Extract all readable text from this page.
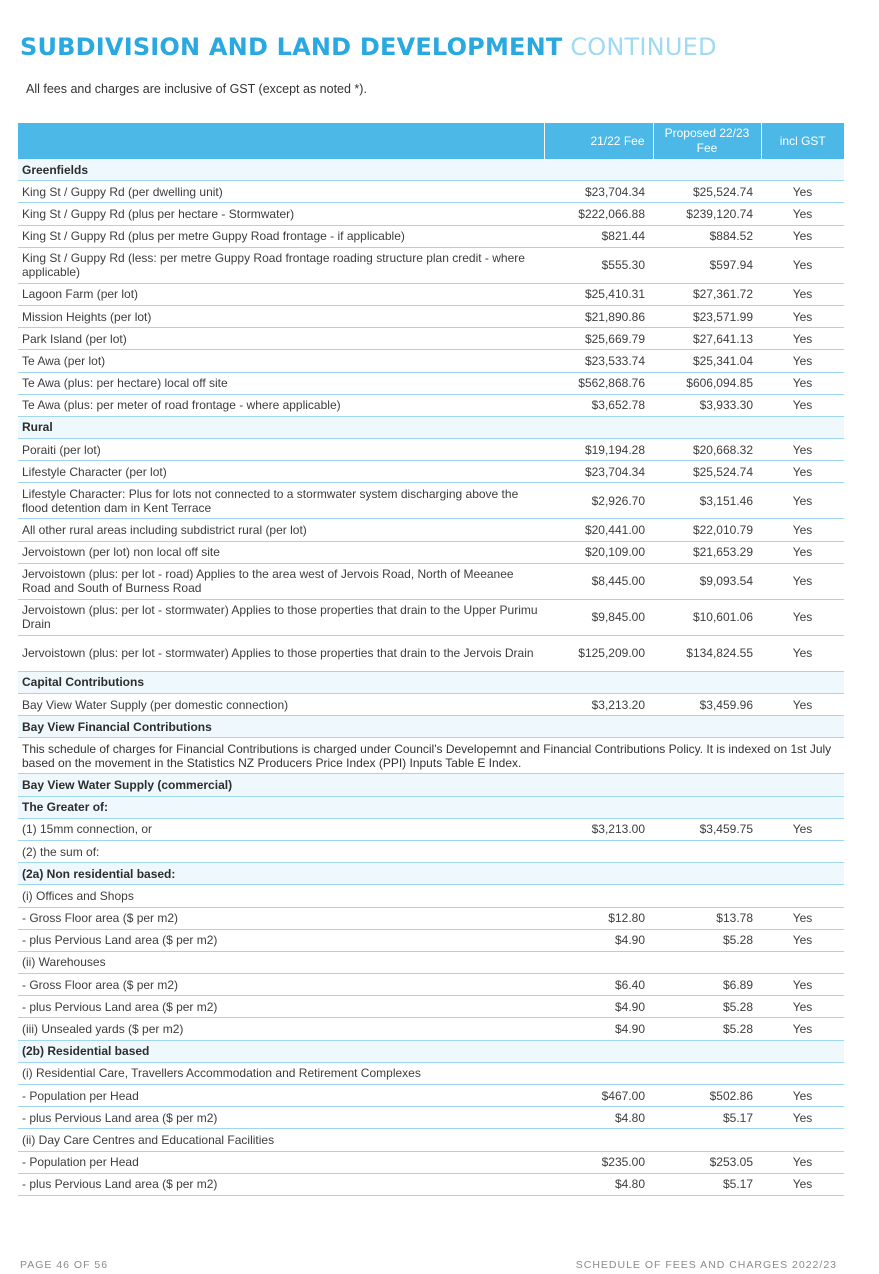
SUBDIVISION AND LAND DEVELOPMENT CONTINUED
All fees and charges are inclusive of GST (except as noted *).
	21/22 Fee	Proposed 22/23 Fee	incl GST
Greenfields			
King St / Guppy Rd (per dwelling unit)	$23,704.34	$25,524.74	Yes
King St / Guppy Rd (plus per hectare - Stormwater)	$222,066.88	$239,120.74	Yes
King St / Guppy Rd (plus per metre Guppy Road frontage - if applicable)	$821.44	$884.52	Yes
King St / Guppy Rd (less: per metre Guppy Road frontage roading structure plan credit - where applicable)	$555.30	$597.94	Yes
Lagoon Farm (per lot)	$25,410.31	$27,361.72	Yes
Mission Heights (per lot)	$21,890.86	$23,571.99	Yes
Park Island (per lot)	$25,669.79	$27,641.13	Yes
Te Awa (per lot)	$23,533.74	$25,341.04	Yes
Te Awa (plus: per hectare) local off site	$562,868.76	$606,094.85	Yes
Te Awa (plus: per meter of road frontage - where applicable)	$3,652.78	$3,933.30	Yes
Rural			
Poraiti (per lot)	$19,194.28	$20,668.32	Yes
Lifestyle Character (per lot)	$23,704.34	$25,524.74	Yes
Lifestyle Character: Plus for lots not connected to a stormwater system discharging above the flood detention dam in Kent Terrace	$2,926.70	$3,151.46	Yes
All other rural areas including subdistrict rural (per lot)	$20,441.00	$22,010.79	Yes
Jervoistown (per lot) non local off site	$20,109.00	$21,653.29	Yes
Jervoistown (plus: per lot - road) Applies to the area west of Jervois Road, North of Meeanee Road and South of Burness Road	$8,445.00	$9,093.54	Yes
Jervoistown (plus: per lot - stormwater) Applies to those properties that drain to the Upper Purimu Drain	$9,845.00	$10,601.06	Yes
Jervoistown (plus: per lot - stormwater) Applies to those properties that drain to the Jervois Drain	$125,209.00	$134,824.55	Yes
Capital Contributions			
Bay View Water Supply (per domestic connection)	$3,213.20	$3,459.96	Yes
Bay View Financial Contributions			
This schedule of charges for Financial Contributions is charged under Council's Developemnt and Financial Contributions Policy. It is indexed on 1st July based on the movement in the Statistics NZ Producers Price Index (PPI) Inputs Table E Index.			
Bay View Water Supply (commercial)			
The Greater of:			
(1) 15mm connection, or	$3,213.00	$3,459.75	Yes
(2) the sum of:			
(2a) Non residential based:			
(i) Offices and Shops			
- Gross Floor area ($ per m2)	$12.80	$13.78	Yes
- plus Pervious Land area ($ per m2)	$4.90	$5.28	Yes
(ii) Warehouses			
- Gross Floor area ($ per m2)	$6.40	$6.89	Yes
- plus Pervious Land area ($ per m2)	$4.90	$5.28	Yes
(iii) Unsealed yards ($ per m2)	$4.90	$5.28	Yes
(2b) Residential based			
(i) Residential Care, Travellers Accommodation and Retirement Complexes			
- Population per Head	$467.00	$502.86	Yes
- plus Pervious Land area ($ per m2)	$4.80	$5.17	Yes
(ii) Day Care Centres and Educational Facilities			
- Population per Head	$235.00	$253.05	Yes
- plus Pervious Land area ($ per m2)	$4.80	$5.17	Yes
PAGE 46 OF 56	SCHEDULE OF FEES AND CHARGES 2022/23
